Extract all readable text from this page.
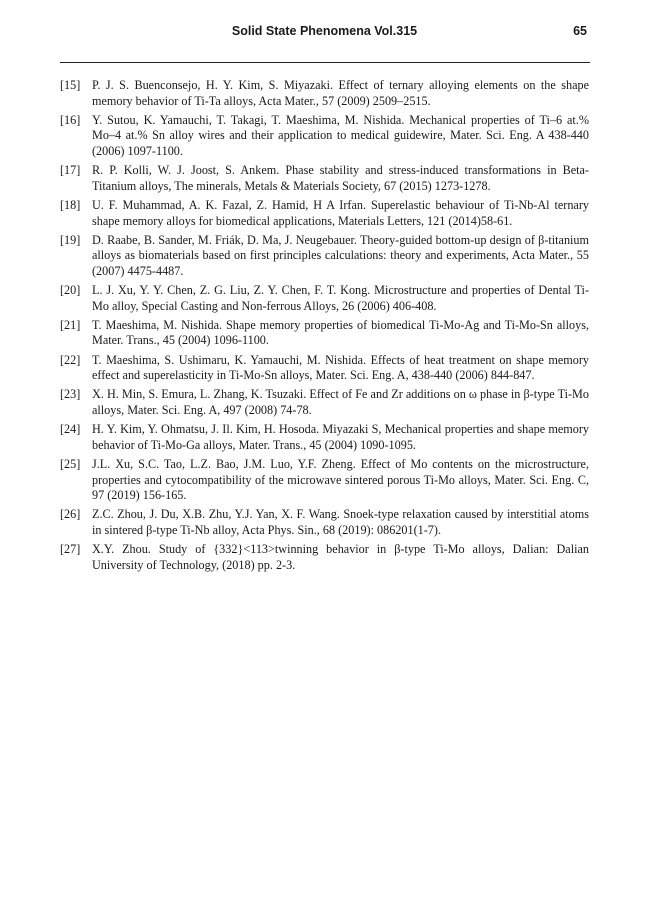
Solid State Phenomena Vol.315	65
[15] P. J. S. Buenconsejo, H. Y. Kim, S. Miyazaki. Effect of ternary alloying elements on the shape memory behavior of Ti-Ta alloys, Acta Mater., 57 (2009) 2509–2515.
[16] Y. Sutou, K. Yamauchi, T. Takagi, T. Maeshima, M. Nishida. Mechanical properties of Ti–6 at.% Mo–4 at.% Sn alloy wires and their application to medical guidewire, Mater. Sci. Eng. A 438-440 (2006) 1097-1100.
[17] R. P. Kolli, W. J. Joost, S. Ankem. Phase stability and stress-induced transformations in Beta-Titanium alloys, The minerals, Metals & Materials Society, 67 (2015) 1273-1278.
[18] U. F. Muhammad, A. K. Fazal, Z. Hamid, H A Irfan. Superelastic behaviour of Ti-Nb-Al ternary shape memory alloys for biomedical applications, Materials Letters, 121 (2014)58-61.
[19] D. Raabe, B. Sander, M. Friák, D. Ma, J. Neugebauer. Theory-guided bottom-up design of β-titanium alloys as biomaterials based on first principles calculations: theory and experiments, Acta Mater., 55 (2007) 4475-4487.
[20] L. J. Xu, Y. Y. Chen, Z. G. Liu, Z. Y. Chen, F. T. Kong. Microstructure and properties of Dental Ti-Mo alloy, Special Casting and Non-ferrous Alloys, 26 (2006) 406-408.
[21] T. Maeshima, M. Nishida. Shape memory properties of biomedical Ti-Mo-Ag and Ti-Mo-Sn alloys, Mater. Trans., 45 (2004) 1096-1100.
[22] T. Maeshima, S. Ushimaru, K. Yamauchi, M. Nishida. Effects of heat treatment on shape memory effect and superelasticity in Ti-Mo-Sn alloys, Mater. Sci. Eng. A, 438-440 (2006) 844-847.
[23] X. H. Min, S. Emura, L. Zhang, K. Tsuzaki. Effect of Fe and Zr additions on ω phase in β-type Ti-Mo alloys, Mater. Sci. Eng. A, 497 (2008) 74-78.
[24] H. Y. Kim, Y. Ohmatsu, J. Il. Kim, H. Hosoda. Miyazaki S, Mechanical properties and shape memory behavior of Ti-Mo-Ga alloys, Mater. Trans., 45 (2004) 1090-1095.
[25] J.L. Xu, S.C. Tao, L.Z. Bao, J.M. Luo, Y.F. Zheng. Effect of Mo contents on the microstructure, properties and cytocompatibility of the microwave sintered porous Ti-Mo alloys, Mater. Sci. Eng. C, 97 (2019) 156-165.
[26] Z.C. Zhou, J. Du, X.B. Zhu, Y.J. Yan, X. F. Wang. Snoek-type relaxation caused by interstitial atoms in sintered β-type Ti-Nb alloy, Acta Phys. Sin., 68 (2019): 086201(1-7).
[27] X.Y. Zhou. Study of {332}<113>twinning behavior in β-type Ti-Mo alloys, Dalian: Dalian University of Technology, (2018) pp. 2-3.
